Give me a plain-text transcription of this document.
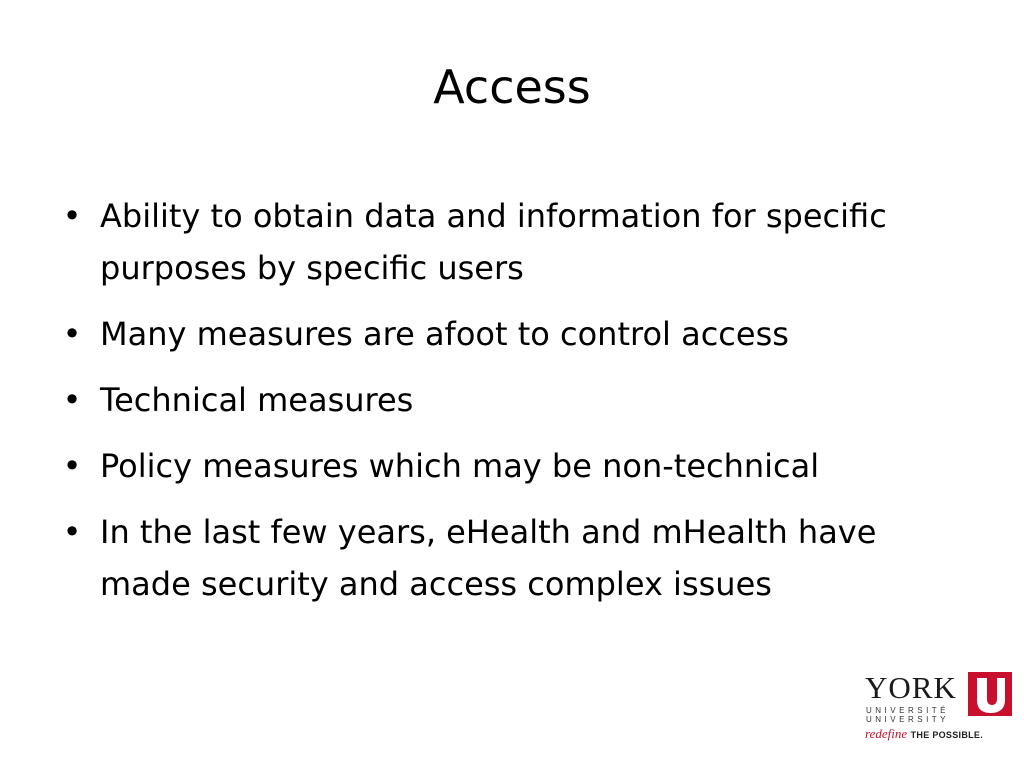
Access
• Ability to obtain data and information for specific purposes by specific users
• Many measures are afoot to control access
• Technical measures
• Policy measures which may be non-technical
• In the last few years, eHealth and mHealth have made security and access complex issues
YORK
UNIVERSITÉ
UNIVERSITY
redefine THE POSSIBLE.
